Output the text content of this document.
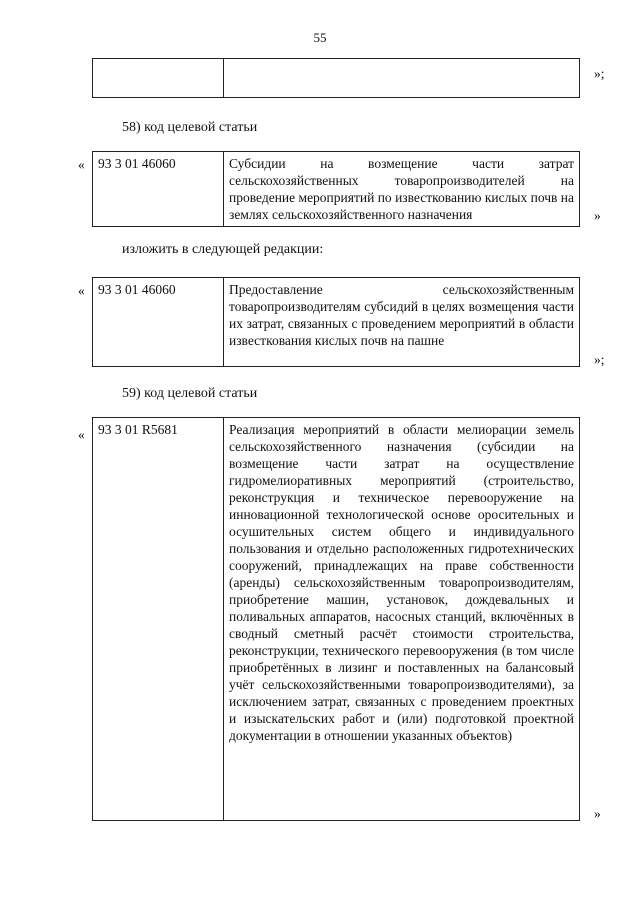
55

»;
58) код целевой статьи
« 93 3 01 46060	Субсидии на возмещение части затрат сельскохозяйственных товаропроизводителей на проведение мероприятий по известкованию кислых почв на землях сельскохозяйственного назначения	»
изложить в следующей редакции:
« 93 3 01 46060	Предоставление сельскохозяйственным товаропроизводителям субсидий в целях возмещения части их затрат, связанных с проведением мероприятий в области известкования кислых почв на пашне
»;
59) код целевой статьи
« 93 3 01 R5681	Реализация мероприятий в области мелиорации земель сельскохозяйственного назначения (субсидии на возмещение части затрат на осуществление гидромелиоративных мероприятий (строительство, реконструкция и техническое перевооружение на инновационной технологической основе оросительных и осушительных систем общего и индивидуального пользования и отдельно расположенных гидротехнических сооружений, принадлежащих на праве собственности (аренды) сельскохозяйственным товаропроизводителям, приобретение машин, установок, дождевальных и поливальных аппаратов, насосных станций, включённых в сводный сметный расчёт стоимости строительства, реконструкции, технического перевооружения (в том числе приобретённых в лизинг и поставленных на балансовый учёт сельскохозяйственными товаропроизводителями), за исключением затрат, связанных с проведением проектных и изыскательских работ и (или) подготовкой проектной документации в отношении указанных объектов)
»
